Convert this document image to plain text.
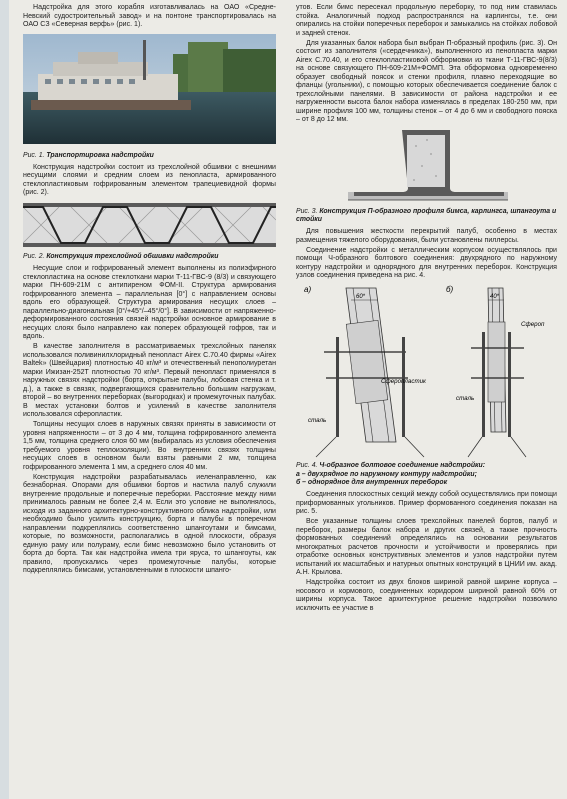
Надстройка для этого корабля изготавливалась на ОАО «Средне-Невский судостроительный завод» и на понтоне транспортировалась на ОАО СЗ «Северная верфь» (рис. 1).

Рис. 1. Транспортировка надстройки

Конструкция надстройки состоит из трехслойной обшивки с внешними несущими слоями и средним слоем из пенопласта, армированного стеклопластиковым гофрированным элементом трапециевидной формы (рис. 2).

Рис. 2. Конструкция трехслойной обшивки надстройки

Несущие слои и гофрированный элемент выполнены из полиэфирного стеклопластика на основе стеклоткани марки Т-11-ГВС-9 (8/3) и связующего марки ПН-609-21М с антипиреном ФОМ-II. Структура армирования гофрированного элемента – параллельная [0°] с направлением основы вдоль его образующей. Структура армирования несущих слоев – параллельно-диагональная [0°/+45°/–45°/0°]. В зависимости от напряженно-деформированного состояния связей надстройки основное армирование в несущих слоях было направлено как поперек образующей гофров, так и вдоль.

В качестве заполнителя в рассматриваемых трехслойных панелях использовался поливинилхлоридный пенопласт Airex С.70.40 фирмы «Airex Baltek» (Швейцария) плотностью 40 кг/м³ и отечественный пенополиуретан марки Ижизан-252Т плотностью 70 кг/м³. Первый пенопласт применялся в наружных связях надстройки (борта, открытые палубы, лобовая стенка и т. д.), а также в связях, подвергающихся сравнительно большим нагрузкам, второй – во внутренних переборках (выгородках) и промежуточных палубах. В местах установки болтов и усилений в качестве заполнителя использовался сферопластик.

Толщины несущих слоев в наружных связях приняты в зависимости от уровня напряженности – от 3 до 4 мм, толщина гофрированного элемента 1,5 мм, толщина среднего слоя 60 мм (выбиралась из условия обеспечения требуемого уровня теплоизоляции). Во внутренних связях толщины несущих слоев в основном были взяты равными 2 мм, толщина гофрированного элемента 1 мм, а среднего слоя 40 мм.

Конструкция надстройки разрабатывалась иеленаправленно, как безнаборная. Опорами для обшивки бортов и настила палуб служили внутренние продольные и поперечные переборки. Расстояние между ними принималось равным не более 2,4 м. Если это условие не выполнялось, исходя из заданного архитектурно-конструктивного облика надстройки, или необходимо было усилить конструкцию, борта и палубы в поперечном направлении подкреплялись соответственно шпангоутами и бимсами, которые, по возможности, располагались в одной плоскости, образуя единую раму или полураму, если бимс невозможно было установить от борта до борта. Так как надстройка имела три яруса, то шпангоуты, как правило, пропускались через промежуточные палубы, которые подкреплялись бимсами, установленными в плоскости шпанго-

утов. Если бимс пересекал продольную переборку, то под ним ставилась стойка. Аналогичный подход распространялся на карлингсы, т.е. они опирались на стойки поперечных переборок и замыкались на стойках лобовой и задней стенок.

Для указанных балок набора был выбран П-образный профиль (рис. 3). Он состоит из заполнителя («сердечника»), выполненного из пенопласта марки Airex С.70.40, и его стеклопластиковой обформовки из ткани Т-11-ГВС-9(8/3) на основе связующего ПН-609-21М+ФОМП. Эта обформовка одновременно образует свободный поясок и стенки профиля, плавно переходящие во фланцы (угольники), с помощью которых обеспечивается соединение балок с трехслойными панелями. В зависимости от района надстройки и ее нагруженности высота балок набора изменялась в пределах 180-250 мм, при ширине профиля 100 мм, толщины стенок – от 4 до 6 мм и свободного пояска – от 8 до 12 мм.

Рис. 3. Конструкция П-образного профиля бимса, карлингса, шпангоута и стойки

Для повышения жесткости перекрытий палуб, особенно в местах размещения тяжелого оборудования, были установлены пиллерсы.

Соединение надстройки с металлическим корпусом осуществлялось при помощи Ч-образного болтового соединения: двухрядного по наружному контуру надстройки и однорядного для внутренних переборок. Конструкция узлов соединения приведена на рис. 4.

а)	б)
60*
Сферопластик
сталь
40*
Сфероп
сталь
Рис. 4. Ч-образное болтовое соединение надстройки:
а – двухрядное по наружному контуру надстройки;
б – однорядное для внутренних переборок

Соединения плоскостных секций между собой осуществлялись при помощи приформованных угольников. Пример формованного соединения показан на рис. 5.

Все указанные толщины слоев трехслойных панелей бортов, палуб и переборок, размеры балок набора и других связей, а также прочность формованных соединений определялись на основании результатов многократных расчетов прочности и устойчивости и проверялись при отработке основных конструктивных элементов и узлов надстройки путем испытаний их масштабных и натурных опытных конструкций в ЦНИИ им. акад. А.Н. Крылова.

Надстройка состоит из двух блоков шириной равной ширине корпуса – носового и кормового, соединенных коридором шириной равной 60% от ширины корпуса. Такое архитектурное решение надстройки позволило исключить ее участие в
